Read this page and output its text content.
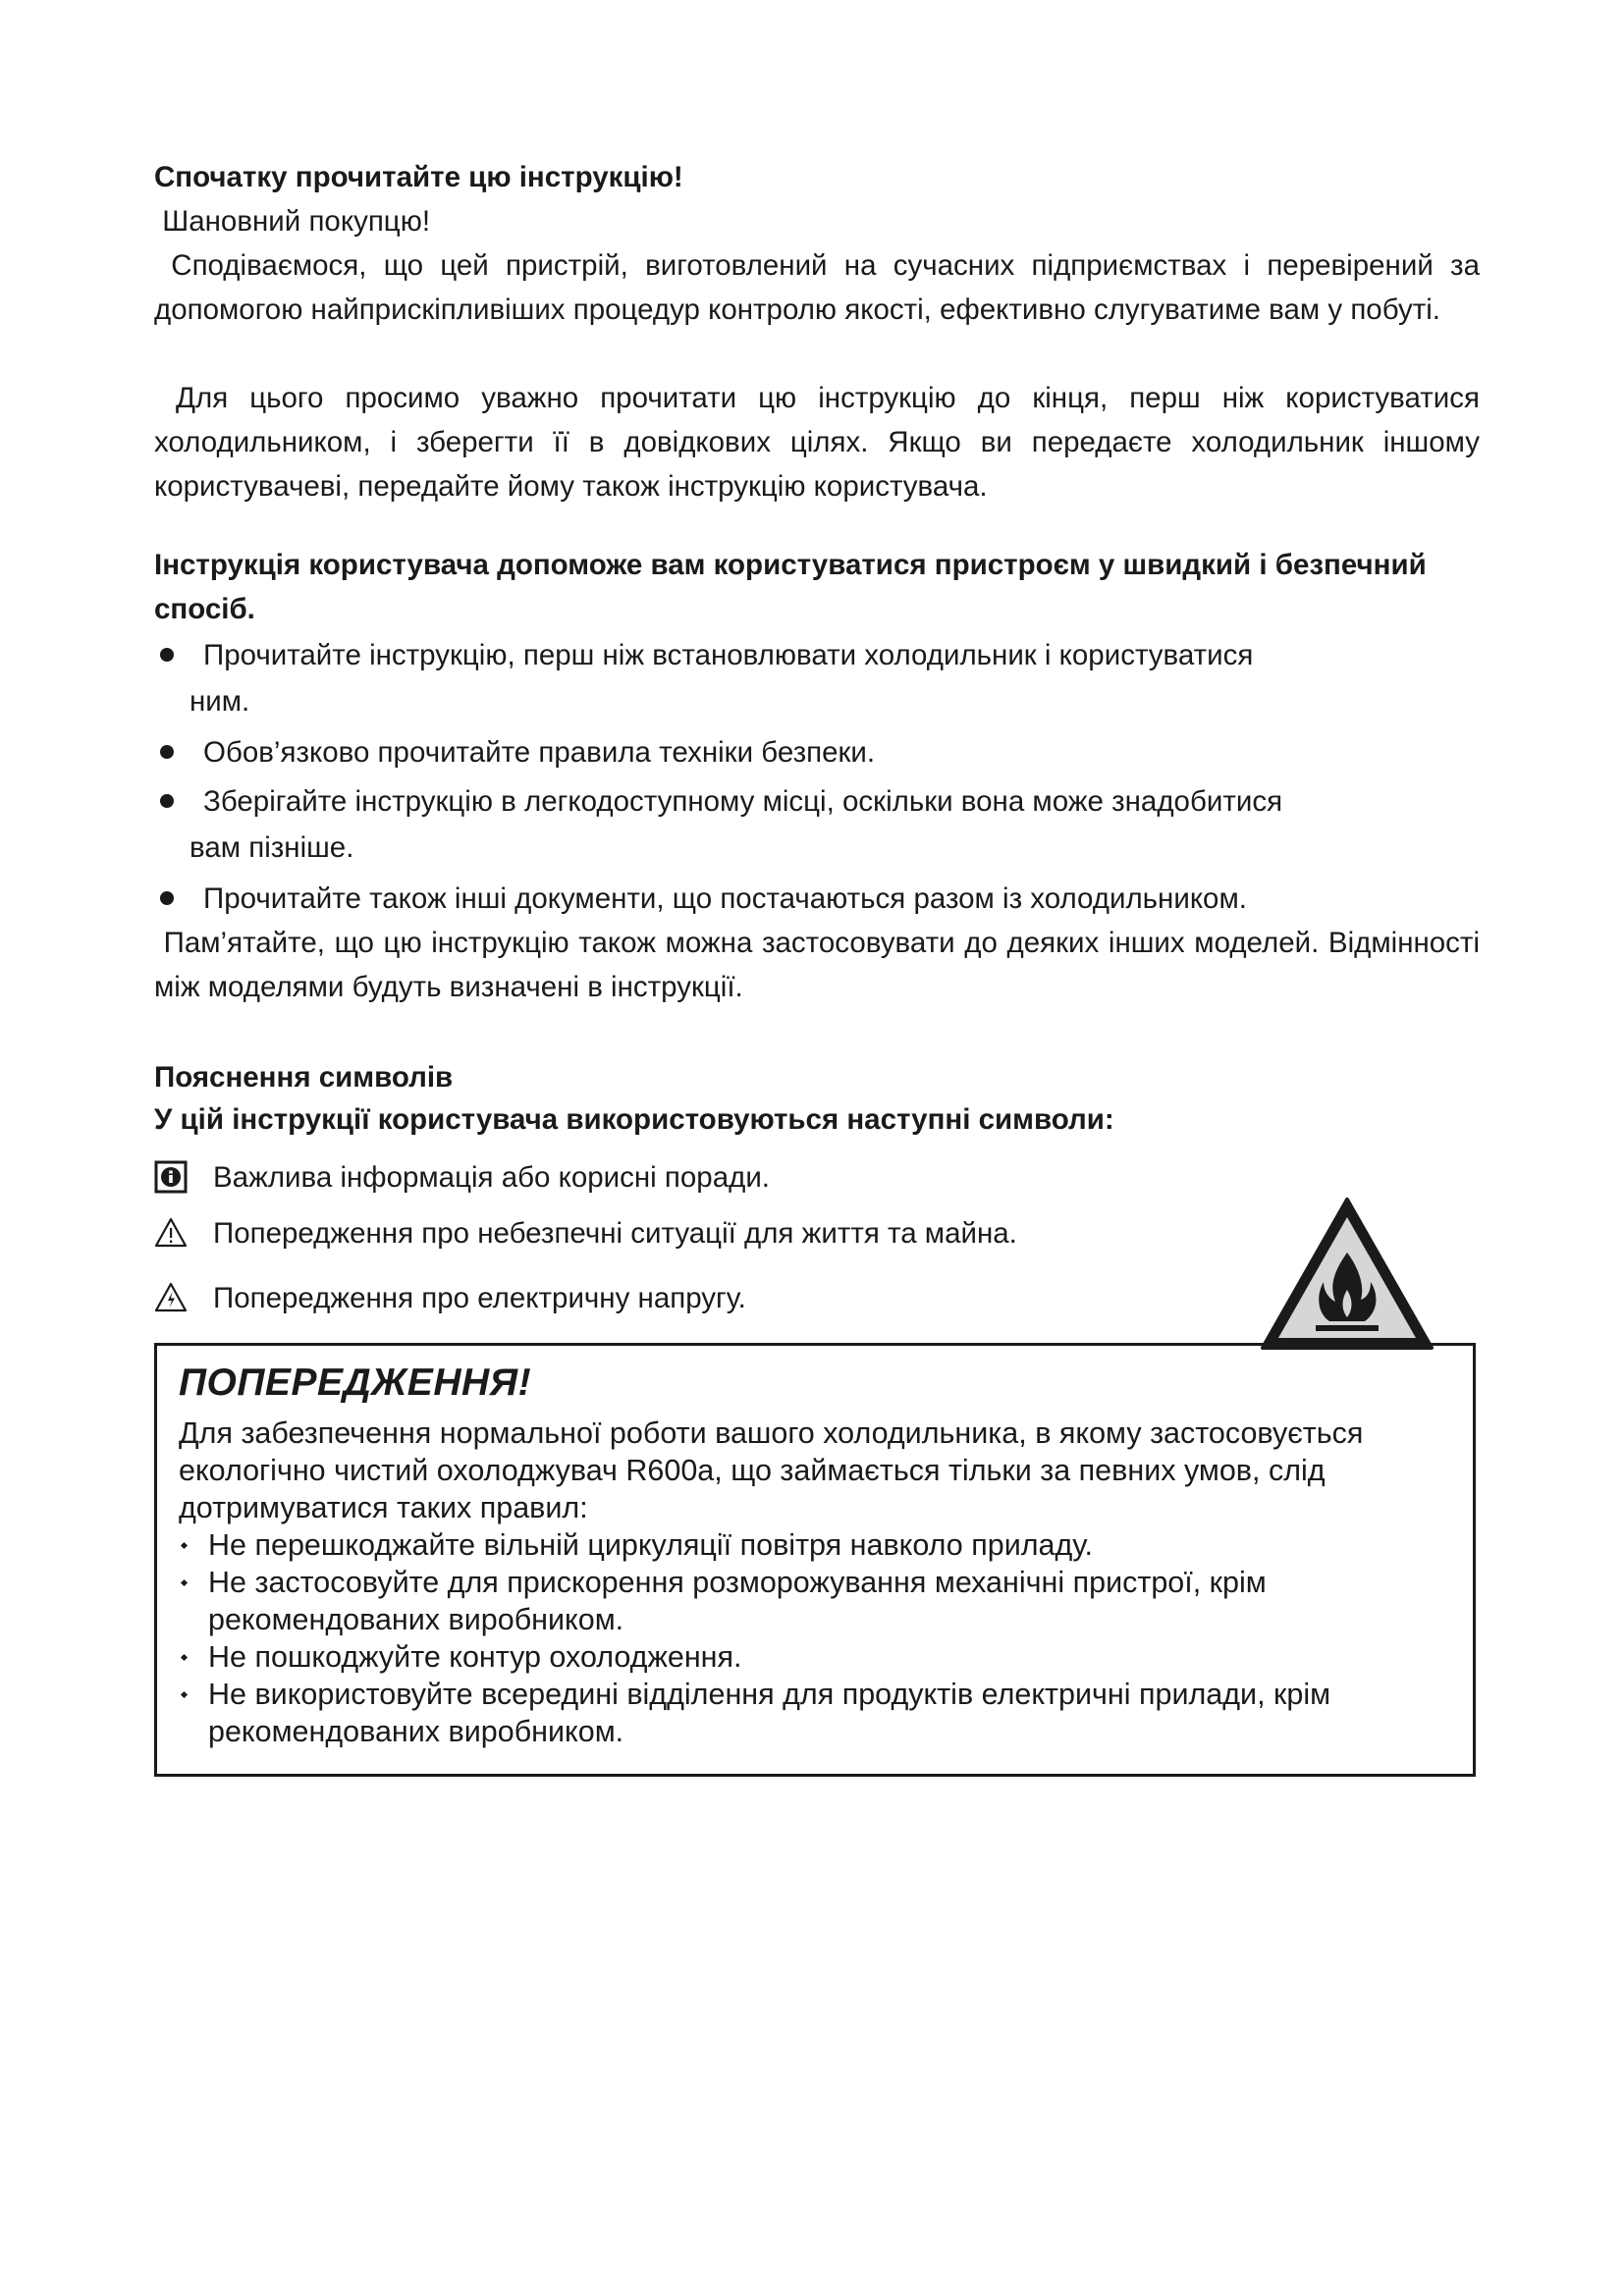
Спочатку прочитайте цю інструкцію!

Шановний покупцю!

Сподіваємося, що цей пристрій, виготовлений на сучасних підприємствах і перевірений за допомогою найприскіпливіших процедур контролю якості, ефективно слугуватиме вам у побуті.

Для цього просимо уважно прочитати цю інструкцію до кінця, перш ніж користуватися холодильником, і зберегти її в довідкових цілях. Якщо ви передаєте холодильник іншому користувачеві, передайте йому також інструкцію користувача.

Інструкція користувача допоможе вам користуватися пристроєм у швидкий і безпечний спосіб.

Прочитайте інструкцію, перш ніж встановлювати холодильник і користуватися
ним.
Обов’язково прочитайте правила техніки безпеки.
Зберігайте інструкцію в легкодоступному місці, оскільки вона може знадобитися
вам пізніше.
Прочитайте також інші документи, що постачаються разом із холодильником.

Пам’ятайте, що цю інструкцію також можна застосовувати до деяких інших моделей. Відмінності між моделями будуть визначені в інструкції.

Пояснення символів

У цій інструкції користувача використовуються наступні символи:

Важлива інформація або корисні поради.
Попередження про небезпечні ситуації для життя та майна.
Попередження про електричну напругу.
ПОПЕРЕДЖЕННЯ!
Для забезпечення нормальної роботи вашого холодильника, в якому застосовується екологічно чистий охолоджувач R600a, що займається тільки за певних умов, слід дотримуватися таких правил:
Не перешкоджайте вільній циркуляції повітря навколо приладу.
Не застосовуйте для прискорення розморожування механічні пристрої, крім рекомендованих виробником.
Не пошкоджуйте контур охолодження.
Не використовуйте всередині відділення для продуктів електричні прилади, крім рекомендованих виробником.
